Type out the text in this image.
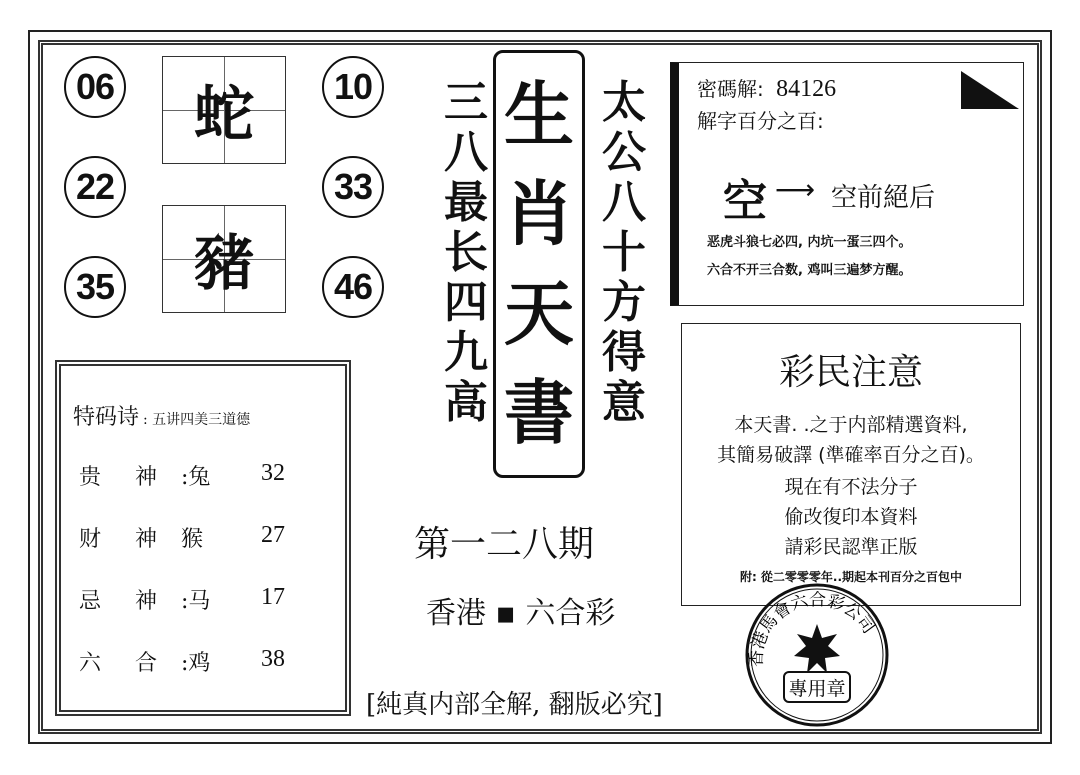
06
22
35
10
33
46
蛇
豬
三
八
最
长
四
九
高
生
肖
天
書
太
公
八
十
方
得
意
密碼解: 84126
解字百分之百:
空 ⟶ 空前絕后
恶虎斗狼七必四, 内坑一蛋三四个。
六合不开三合数, 鸡叫三遍梦方醒。
特码诗 : 五讲四美三道德
贵 神 :兔 32
财 神 猴 27
忌 神 :马 17
六 合 :鸡 38
第一二八期
香港 ▪ 六合彩
[純真内部全解, 翻版必究]
彩民注意
本天書. .之于内部精選資料,
其簡易破譯 (準確率百分之百)。
現在有不法分子
偷改復印本資料
請彩民認準正版
附: 從二零零零年..期起本刊百分之百包中
專用章
香港馬會六合彩公司
